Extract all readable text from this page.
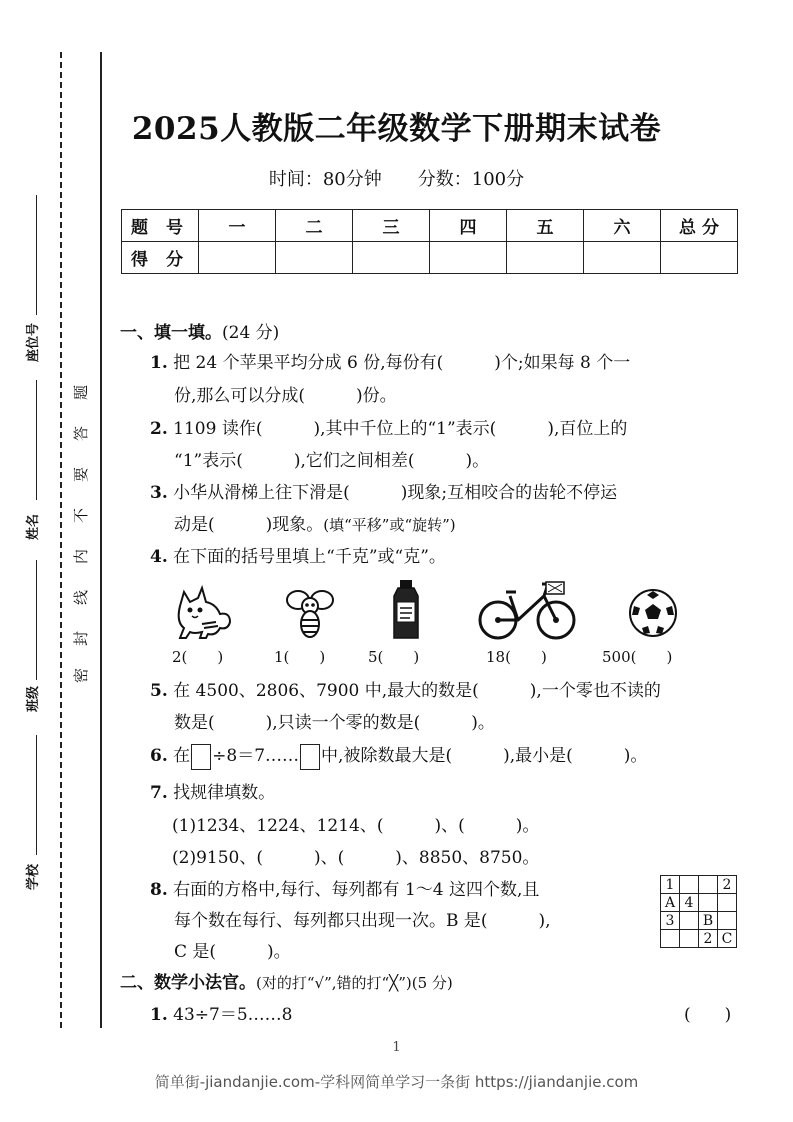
座位号
姓名
班级
学校
题
答
要
不
内
线
封
密
2025人教版二年级数学下册期末试卷
时间：80分钟　　分数：100分
题 号	一	二	三	四	五	六	总 分
得 分							
一、填一填。(24 分)
1. 把 24 个苹果平均分成 6 份,每份有(　　　)个;如果每 8 个一
份,那么可以分成(　　　)份。
2. 1109 读作(　　　),其中千位上的“1”表示(　　　),百位上的
“1”表示(　　　),它们之间相差(　　　)。
3. 小华从滑梯上往下滑是(　　　)现象;互相咬合的齿轮不停运
动是(　　　)现象。(填“平移”或“旋转”)
4. 在下面的括号里填上“千克”或“克”。
2(　　)	1(　　)	5(　　)	18(　　)	500(　　)
5. 在 4500、2806、7900 中,最大的数是(　　　),一个零也不读的
数是(　　　),只读一个零的数是(　　　)。
6. 在 ÷8＝7…… 中,被除数最大是(　　　),最小是(　　　)。
7. 找规律填数。
(1)1234、1224、1214、(　　　)、(　　　)。
(2)9150、(　　　)、(　　　)、8850、8750。
8. 右面的方格中,每行、每列都有 1～4 这四个数,且
每个数在每行、每列都只出现一次。B 是(　　　),
C 是(　　　)。
1			2
A	4		
3		B	
		2	C
二、数学小法官。(对的打“√”,错的打“╳”)(5 分)
1. 43÷7＝5……8	(　　)
1
简单街-jiandanjie.com-学科网简单学习一条街 https://jiandanjie.com
